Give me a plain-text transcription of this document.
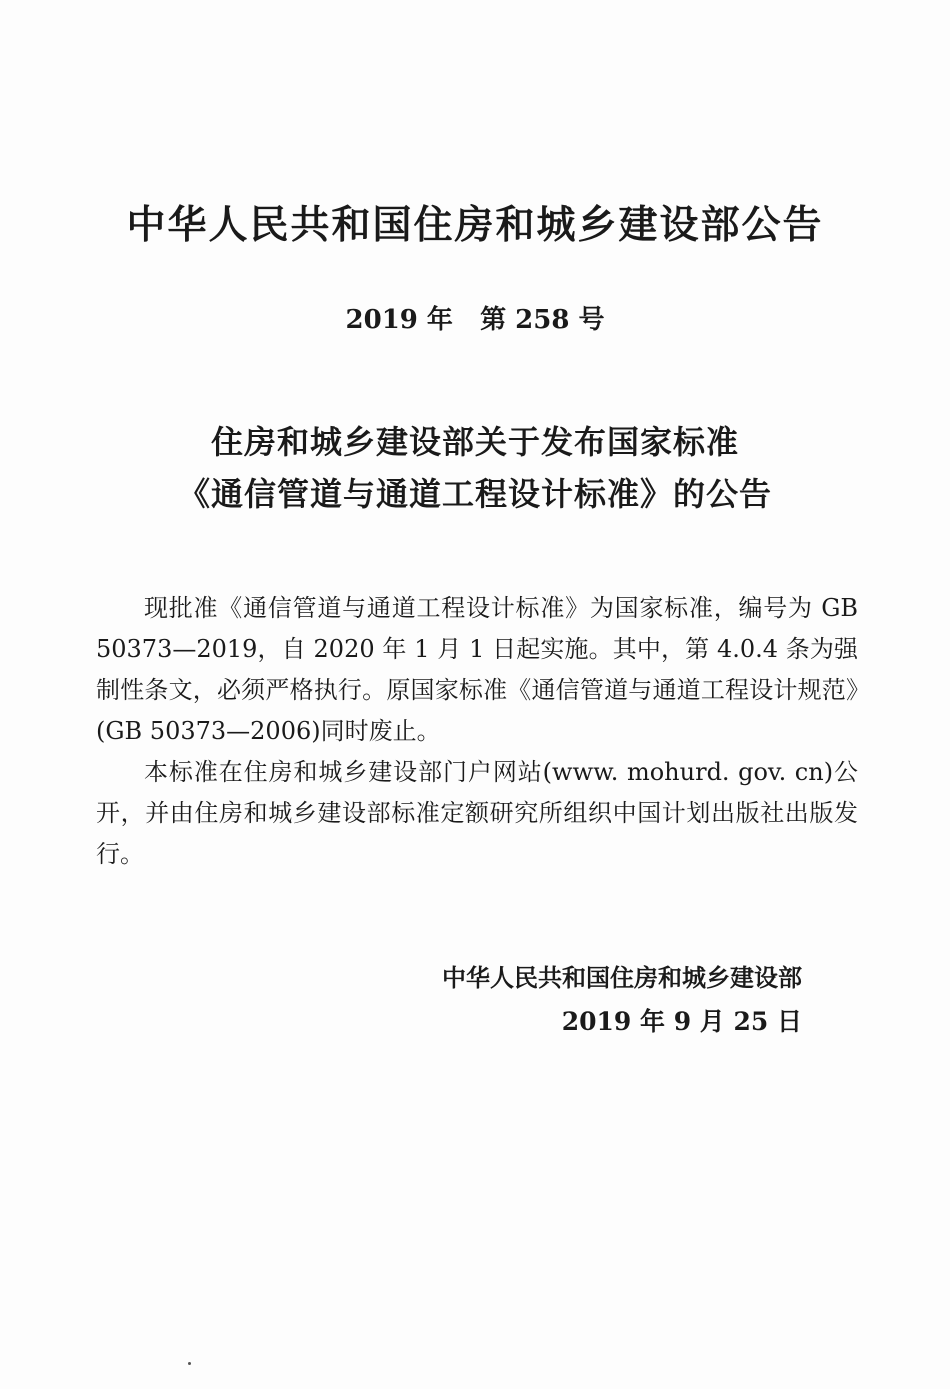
中华人民共和国住房和城乡建设部公告
2019 年   第 258 号
住房和城乡建设部关于发布国家标准
《通信管道与通道工程设计标准》的公告

现批准《通信管道与通道工程设计标准》为国家标准，编号为 GB 50373—2019，自 2020 年 1 月 1 日起实施。其中，第 4.0.4 条为强制性条文，必须严格执行。原国家标准《通信管道与通道工程设计规范》(GB 50373—2006)同时废止。

本标准在住房和城乡建设部门户网站(www. mohurd. gov. cn)公开，并由住房和城乡建设部标准定额研究所组织中国计划出版社出版发行。

中华人民共和国住房和城乡建设部
2019 年 9 月 25 日
